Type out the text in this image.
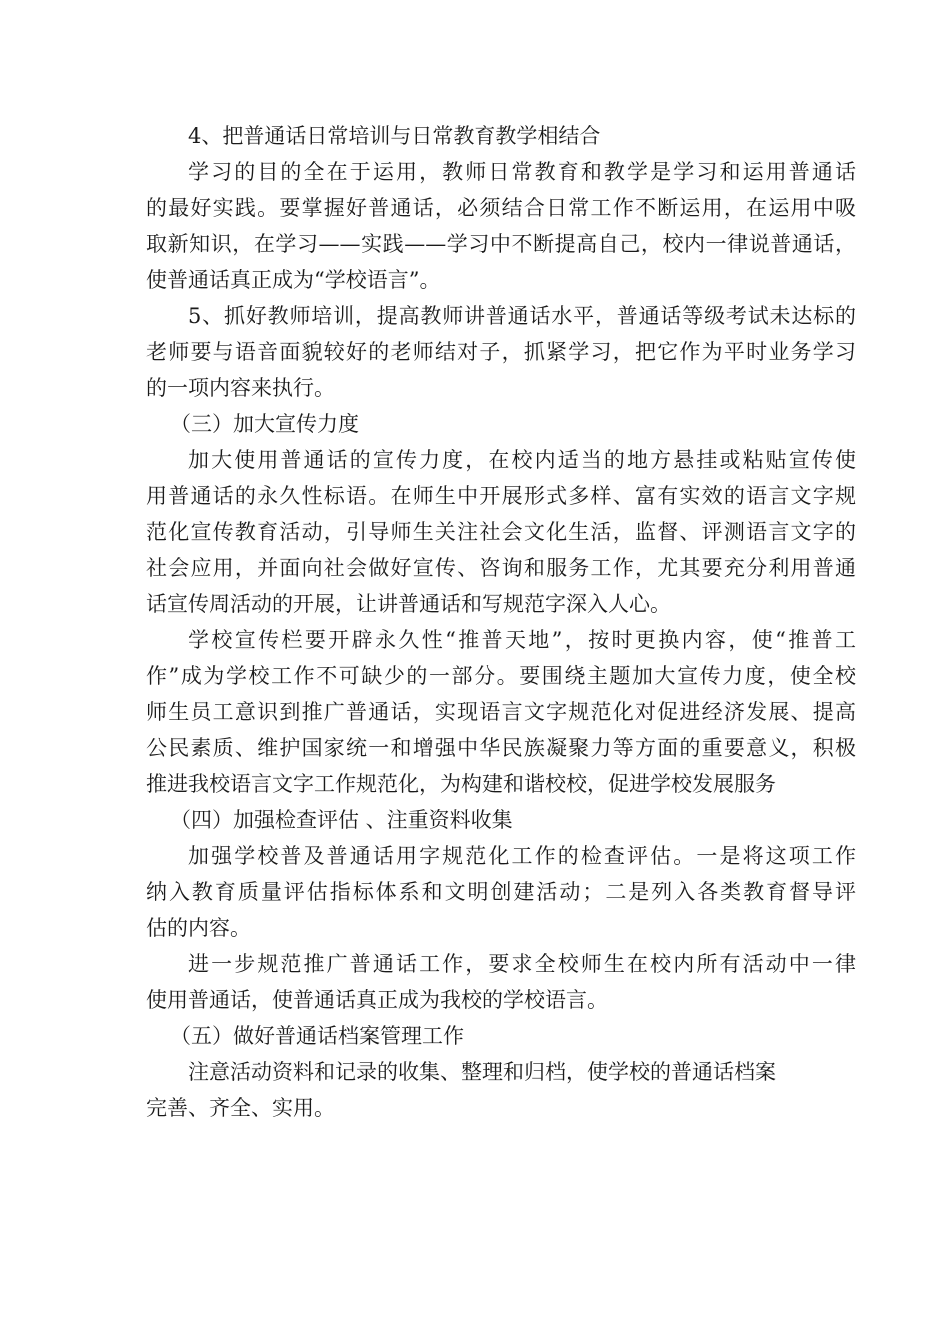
4、把普通话日常培训与日常教育教学相结合
学习的目的全在于运用，教师日常教育和教学是学习和运用普通话
的最好实践。要掌握好普通话，必须结合日常工作不断运用，在运用中吸
取新知识，在学习——实践——学习中不断提高自己，校内一律说普通话，
使普通话真正成为“学校语言”。
5、抓好教师培训，提高教师讲普通话水平，普通话等级考试未达标的
老师要与语音面貌较好的老师结对子，抓紧学习，把它作为平时业务学习
的一项内容来执行。
（三）加大宣传力度
加大使用普通话的宣传力度，在校内适当的地方悬挂或粘贴宣传使
用普通话的永久性标语。在师生中开展形式多样、富有实效的语言文字规
范化宣传教育活动，引导师生关注社会文化生活，监督、评测语言文字的
社会应用，并面向社会做好宣传、咨询和服务工作，尤其要充分利用普通
话宣传周活动的开展，让讲普通话和写规范字深入人心。
学校宣传栏要开辟永久性“推普天地”，按时更换内容，使“推普工
作”成为学校工作不可缺少的一部分。要围绕主题加大宣传力度，使全校
师生员工意识到推广普通话，实现语言文字规范化对促进经济发展、提高
公民素质、维护国家统一和增强中华民族凝聚力等方面的重要意义，积极
推进我校语言文字工作规范化，为构建和谐校校，促进学校发展服务
（四）加强检查评估 、注重资料收集
加强学校普及普通话用字规范化工作的检查评估。一是将这项工作
纳入教育质量评估指标体系和文明创建活动；二是列入各类教育督导评
估的内容。
进一步规范推广普通话工作，要求全校师生在校内所有活动中一律
使用普通话，使普通话真正成为我校的学校语言。
（五）做好普通话档案管理工作
注意活动资料和记录的收集、整理和归档，使学校的普通话档案
完善、齐全、实用。
